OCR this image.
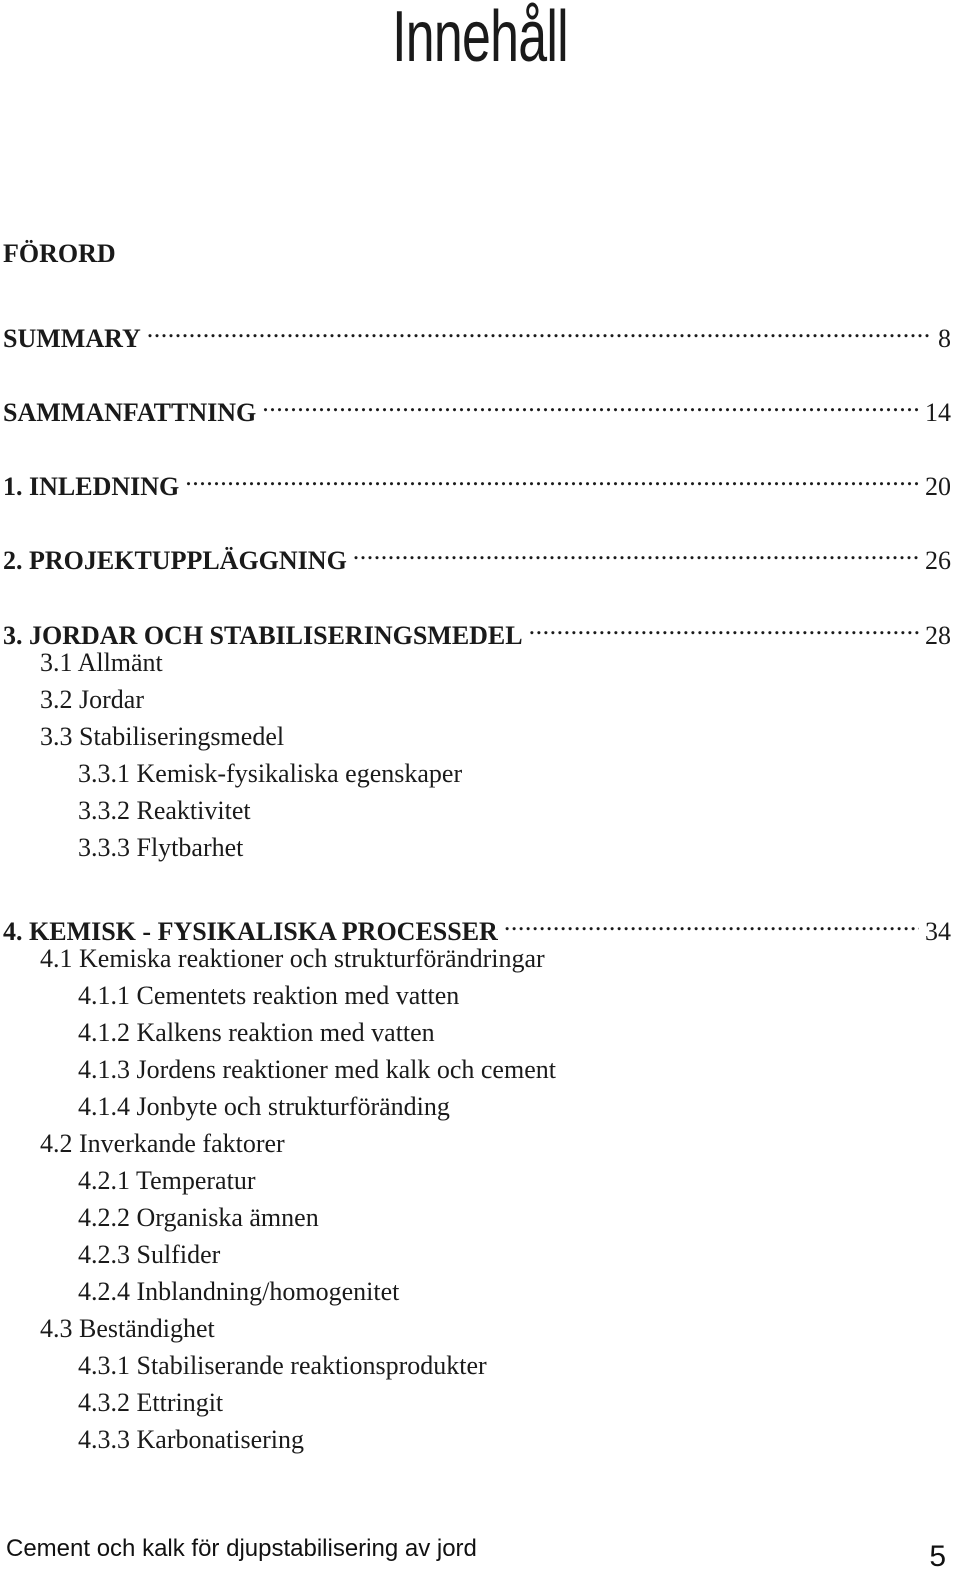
Innehåll
FÖRORD
SUMMARY .....	8
SAMMANFATTNING .....	14
1. INLEDNING .....	20
2. PROJEKTUPPLÄGGNING .....	26
3. JORDAR OCH STABILISERINGSMEDEL .....	28
3.1 Allmänt
3.2 Jordar
3.3 Stabiliseringsmedel
3.3.1 Kemisk-fysikaliska egenskaper
3.3.2 Reaktivitet
3.3.3 Flytbarhet
4. KEMISK - FYSIKALISKA PROCESSER .....	34
4.1 Kemiska reaktioner och strukturförändringar
4.1.1 Cementets reaktion med vatten
4.1.2 Kalkens reaktion med vatten
4.1.3 Jordens reaktioner med kalk och cement
4.1.4 Jonbyte och strukturföränding
4.2 Inverkande faktorer
4.2.1 Temperatur
4.2.2 Organiska ämnen
4.2.3 Sulfider
4.2.4 Inblandning/homogenitet
4.3 Beständighet
4.3.1 Stabiliserande reaktionsprodukter
4.3.2 Ettringit
4.3.3 Karbonatisering
Cement och kalk för djupstabilisering av jord	5
